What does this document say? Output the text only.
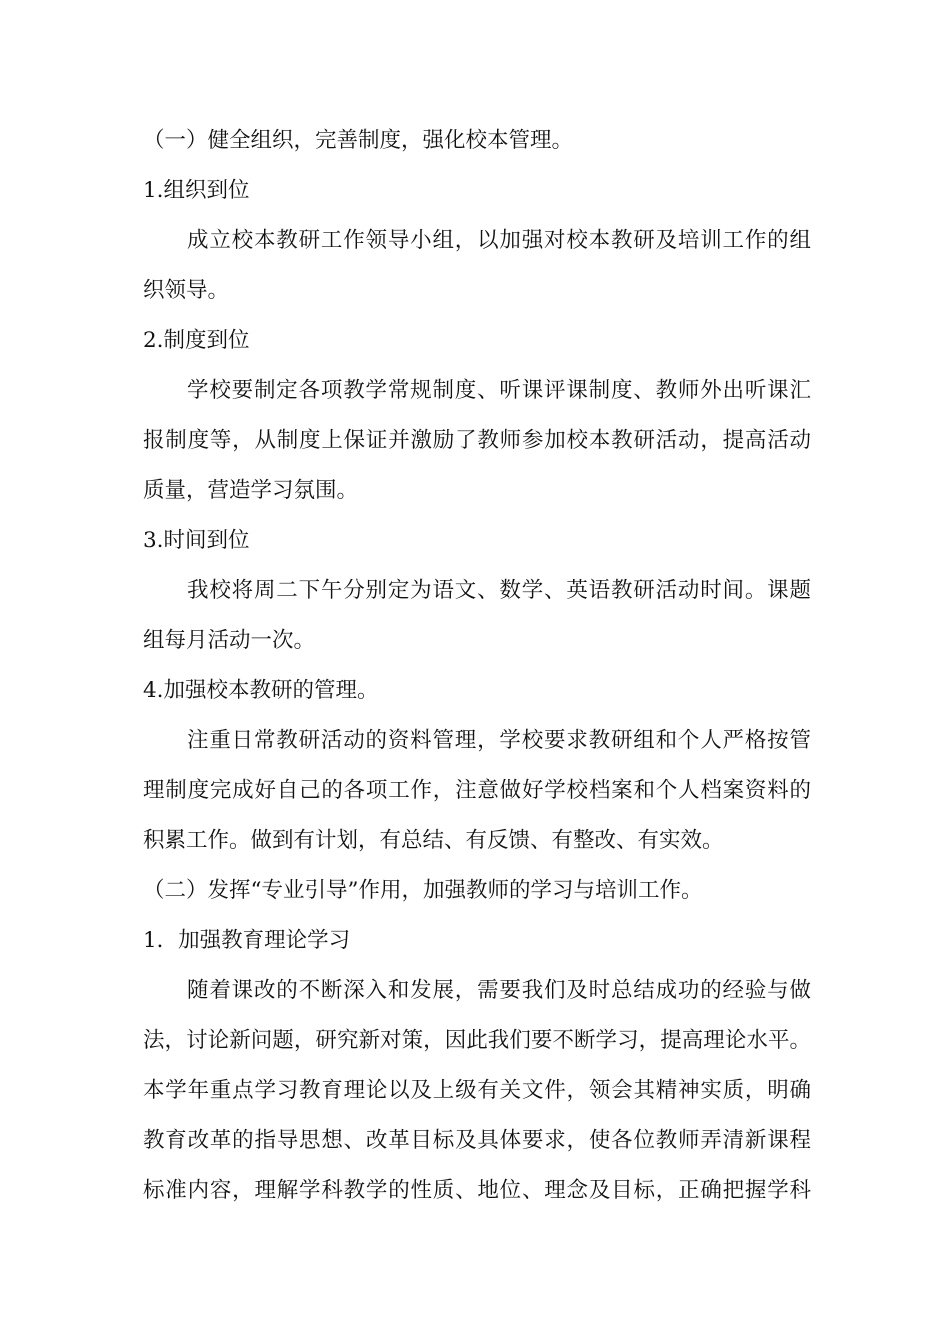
（一）健全组织，完善制度，强化校本管理。
1.组织到位
成立校本教研工作领导小组，以加强对校本教研及培训工作的组
织领导。
2.制度到位
学校要制定各项教学常规制度、听课评课制度、教师外出听课汇
报制度等，从制度上保证并激励了教师参加校本教研活动，提高活动
质量，营造学习氛围。
3.时间到位
我校将周二下午分别定为语文、数学、英语教研活动时间。课题
组每月活动一次。
4.加强校本教研的管理。
注重日常教研活动的资料管理，学校要求教研组和个人严格按管
理制度完成好自己的各项工作，注意做好学校档案和个人档案资料的
积累工作。做到有计划，有总结、有反馈、有整改、有实效。
（二）发挥“专业引导”作用，加强教师的学习与培训工作。
1．加强教育理论学习
随着课改的不断深入和发展，需要我们及时总结成功的经验与做
法，讨论新问题，研究新对策，因此我们要不断学习，提高理论水平。
本学年重点学习教育理论以及上级有关文件，领会其精神实质，明确
教育改革的指导思想、改革目标及具体要求，使各位教师弄清新课程
标准内容，理解学科教学的性质、地位、理念及目标，正确把握学科
